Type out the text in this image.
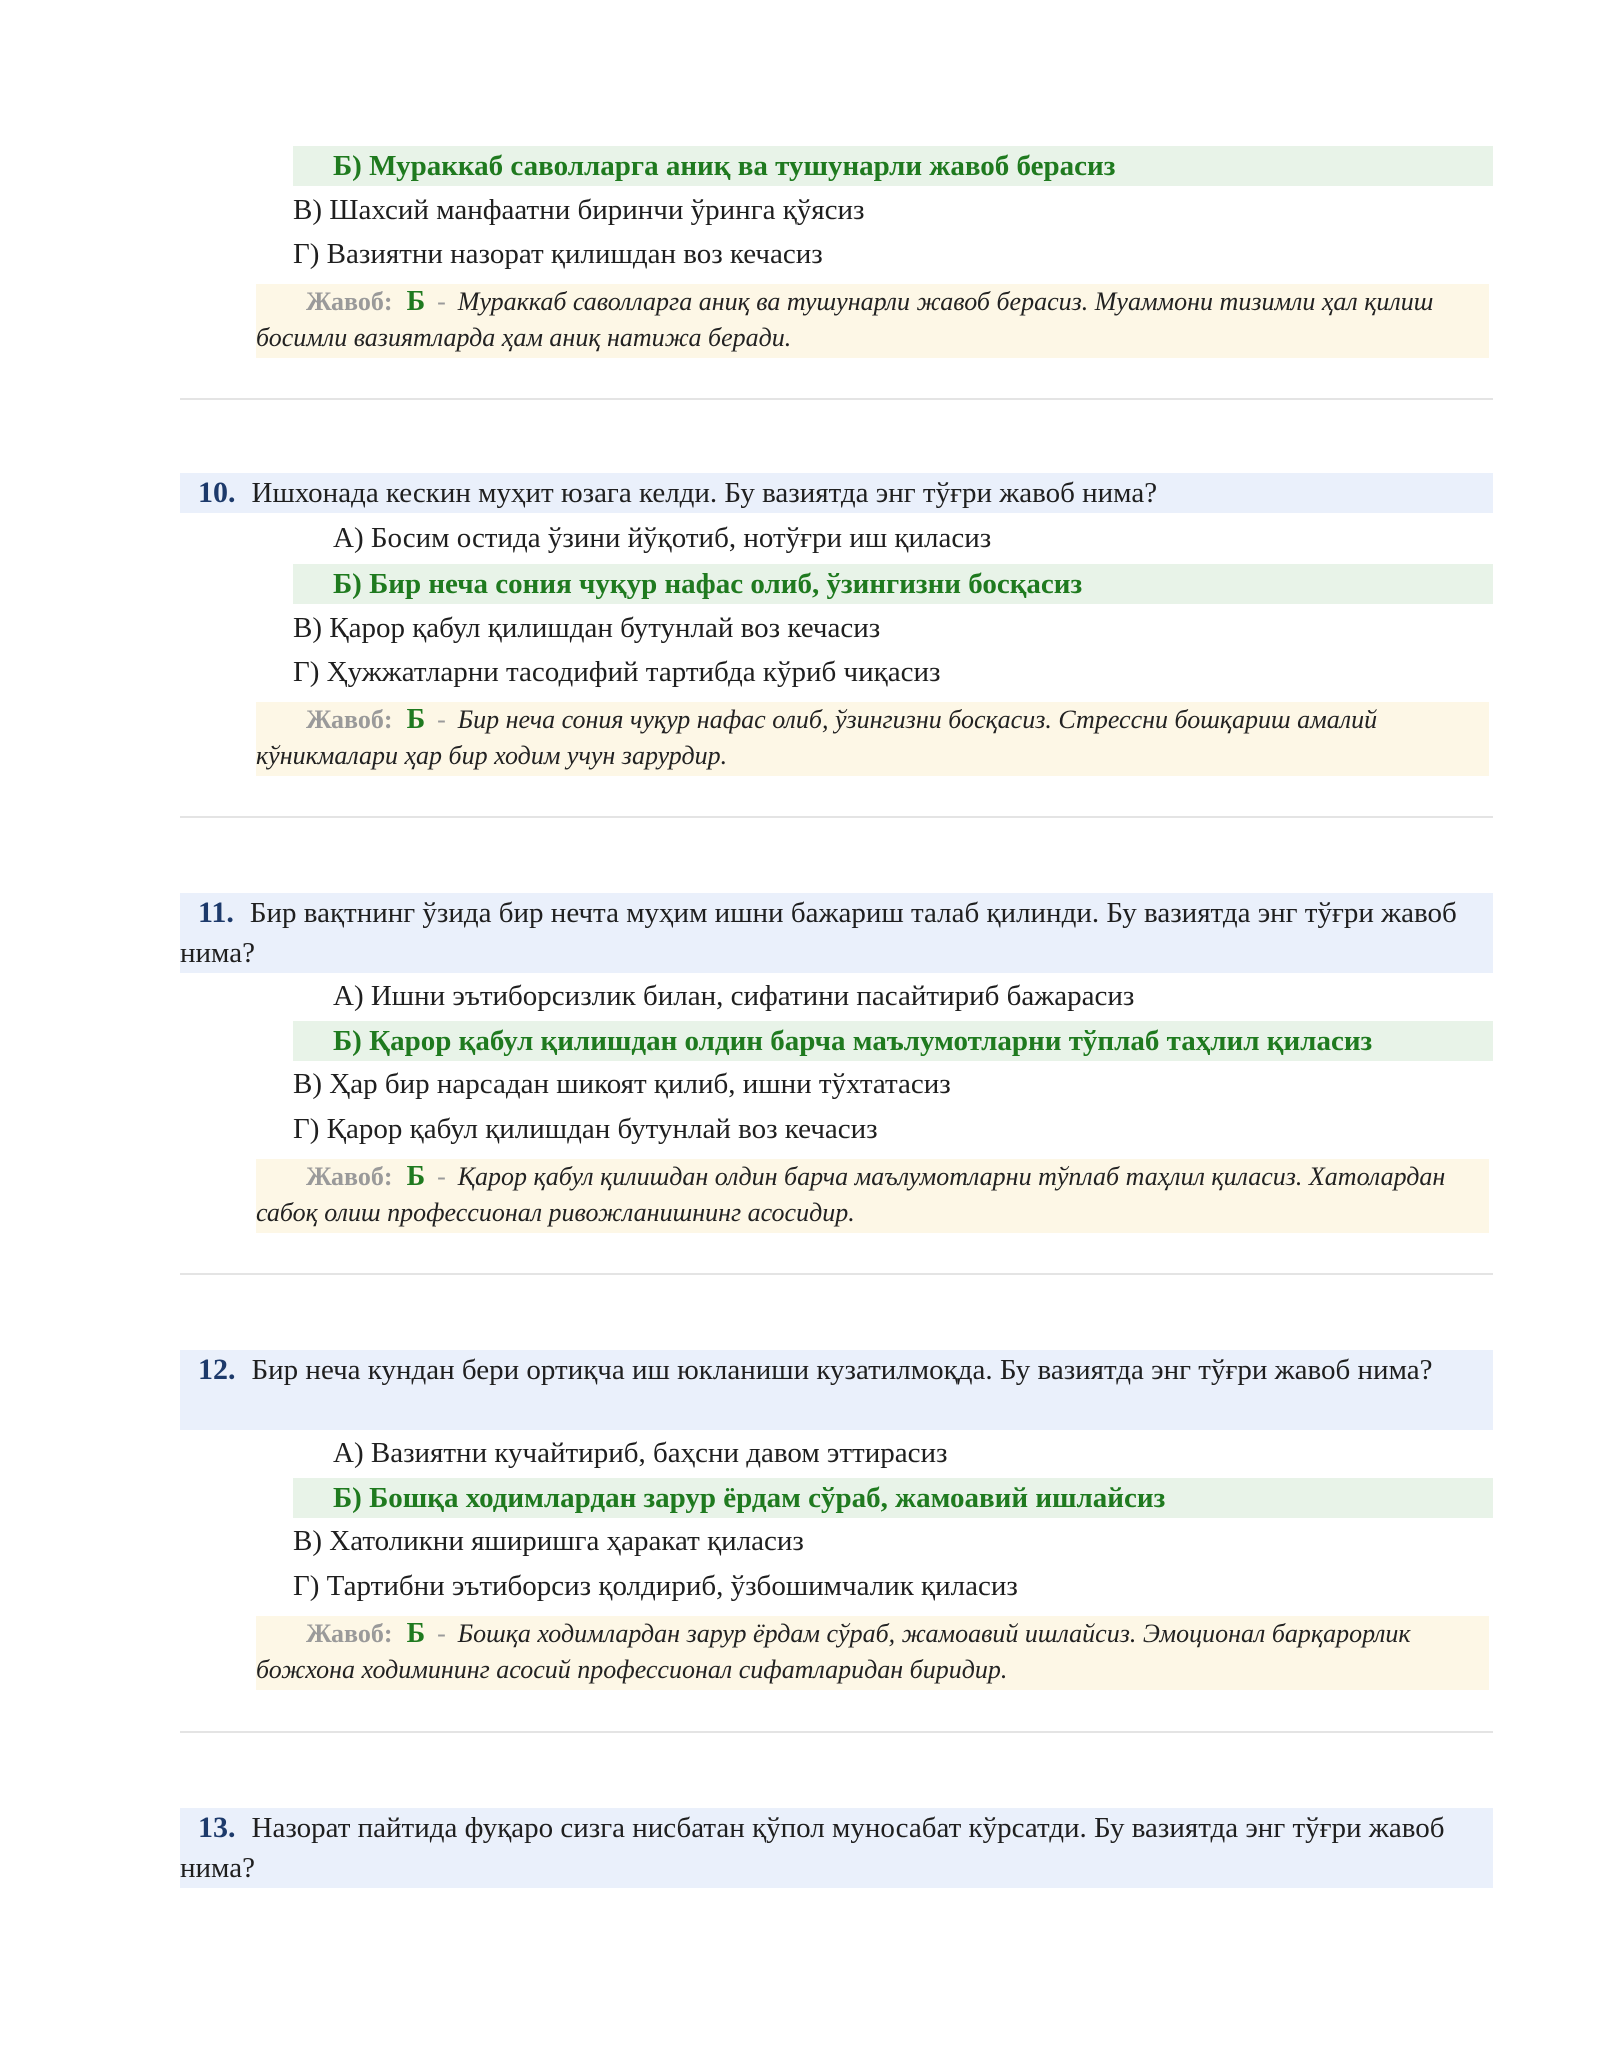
Б) Мураккаб саволларга аниқ ва тушунарли жавоб берасиз
В) Шахсий манфаатни биринчи ўринга қўясиз
Г) Вазиятни назорат қилишдан воз кечасиз
Жавоб: Б - Мураккаб саволларга аниқ ва тушунарли жавоб берасиз. Муаммони тизимли ҳал қилиш босимли вазиятларда ҳам аниқ натижа беради.
10. Ишхонада кескин муҳит юзага келди. Бу вазиятда энг тўғри жавоб нима?
А) Босим остида ўзини йўқотиб, нотўғри иш қиласиз
Б) Бир неча сония чуқур нафас олиб, ўзингизни босқасиз
В) Қарор қабул қилишдан бутунлай воз кечасиз
Г) Ҳужжатларни тасодифий тартибда кўриб чиқасиз
Жавоб: Б - Бир неча сония чуқур нафас олиб, ўзингизни босқасиз. Стрессни бошқариш амалий кўникмалари ҳар бир ходим учун зарурдир.
11. Бир вақтнинг ўзида бир нечта муҳим ишни бажариш талаб қилинди. Бу вазиятда энг тўғри жавоб нима?
А) Ишни эътиборсизлик билан, сифатини пасайтириб бажарасиз
Б) Қарор қабул қилишдан олдин барча маълумотларни тўплаб таҳлил қиласиз
В) Ҳар бир нарсадан шикоят қилиб, ишни тўхтатасиз
Г) Қарор қабул қилишдан бутунлай воз кечасиз
Жавоб: Б - Қарор қабул қилишдан олдин барча маълумотларни тўплаб таҳлил қиласиз. Хатолардан сабоқ олиш профессионал ривожланишнинг асосидир.
12. Бир неча кундан бери ортиқча иш юкланиши кузатилмоқда. Бу вазиятда энг тўғри жавоб нима?
А) Вазиятни кучайтириб, баҳсни давом эттирасиз
Б) Бошқа ходимлардан зарур ёрдам сўраб, жамоавий ишлайсиз
В) Хатоликни яширишга ҳаракат қиласиз
Г) Тартибни эътиборсиз қолдириб, ўзбошимчалик қиласиз
Жавоб: Б - Бошқа ходимлардан зарур ёрдам сўраб, жамоавий ишлайсиз. Эмоционал барқарорлик божхона ходимининг асосий профессионал сифатларидан биридир.
13. Назорат пайтида фуқаро сизга нисбатан қўпол муносабат кўрсатди. Бу вазиятда энг тўғри жавоб нима?
